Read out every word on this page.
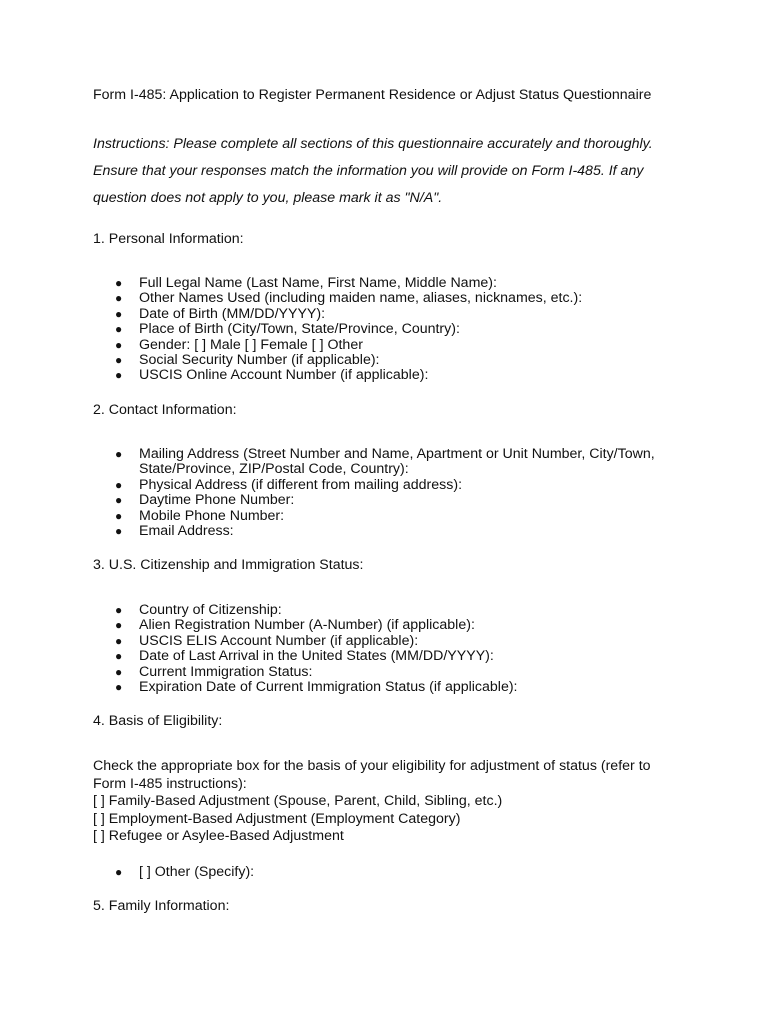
Form I-485: Application to Register Permanent Residence or Adjust Status Questionnaire
Instructions: Please complete all sections of this questionnaire accurately and thoroughly.
Ensure that your responses match the information you will provide on Form I-485. If any
question does not apply to you, please mark it as "N/A".
1. Personal Information:
● Full Legal Name (Last Name, First Name, Middle Name):
● Other Names Used (including maiden name, aliases, nicknames, etc.):
● Date of Birth (MM/DD/YYYY):
● Place of Birth (City/Town, State/Province, Country):
● Gender: [ ] Male [ ] Female [ ] Other
● Social Security Number (if applicable):
● USCIS Online Account Number (if applicable):
2. Contact Information:
● Mailing Address (Street Number and Name, Apartment or Unit Number, City/Town, State/Province, ZIP/Postal Code, Country):
● Physical Address (if different from mailing address):
● Daytime Phone Number:
● Mobile Phone Number:
● Email Address:
3. U.S. Citizenship and Immigration Status:
● Country of Citizenship:
● Alien Registration Number (A-Number) (if applicable):
● USCIS ELIS Account Number (if applicable):
● Date of Last Arrival in the United States (MM/DD/YYYY):
● Current Immigration Status:
● Expiration Date of Current Immigration Status (if applicable):
4. Basis of Eligibility:
Check the appropriate box for the basis of your eligibility for adjustment of status (refer to
Form I-485 instructions):
[ ] Family-Based Adjustment (Spouse, Parent, Child, Sibling, etc.)
[ ] Employment-Based Adjustment (Employment Category)
[ ] Refugee or Asylee-Based Adjustment
● [ ] Other (Specify):
5. Family Information:
